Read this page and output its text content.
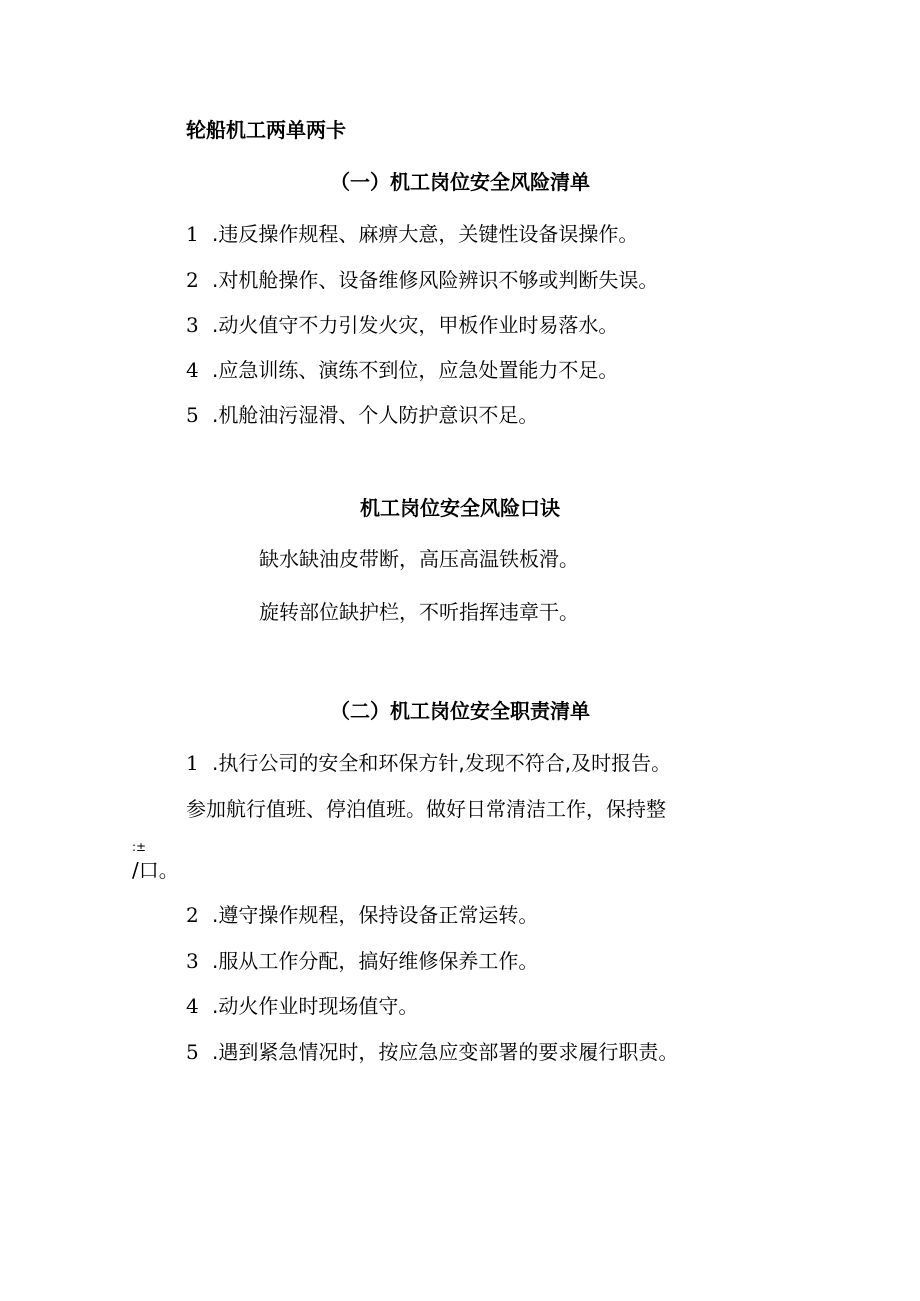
轮船机工两单两卡
（一）机工岗位安全风险清单
1 .违反操作规程、麻痹大意，关键性设备误操作。
2 .对机舱操作、设备维修风险辨识不够或判断失误。
3 .动火值守不力引发火灾，甲板作业时易落水。
4 .应急训练、演练不到位，应急处置能力不足。
5 .机舱油污湿滑、个人防护意识不足。
机工岗位安全风险口诀
缺水缺油皮带断，高压高温铁板滑。
旋转部位缺护栏，不听指挥违章干。
（二）机工岗位安全职责清单
1 .执行公司的安全和环保方针,发现不符合,及时报告。
参加航行值班、停泊值班。做好日常清洁工作，保持整
:±
/口。
2 .遵守操作规程，保持设备正常运转。
3 .服从工作分配，搞好维修保养工作。
4 .动火作业时现场值守。
5 .遇到紧急情况时，按应急应变部署的要求履行职责。
